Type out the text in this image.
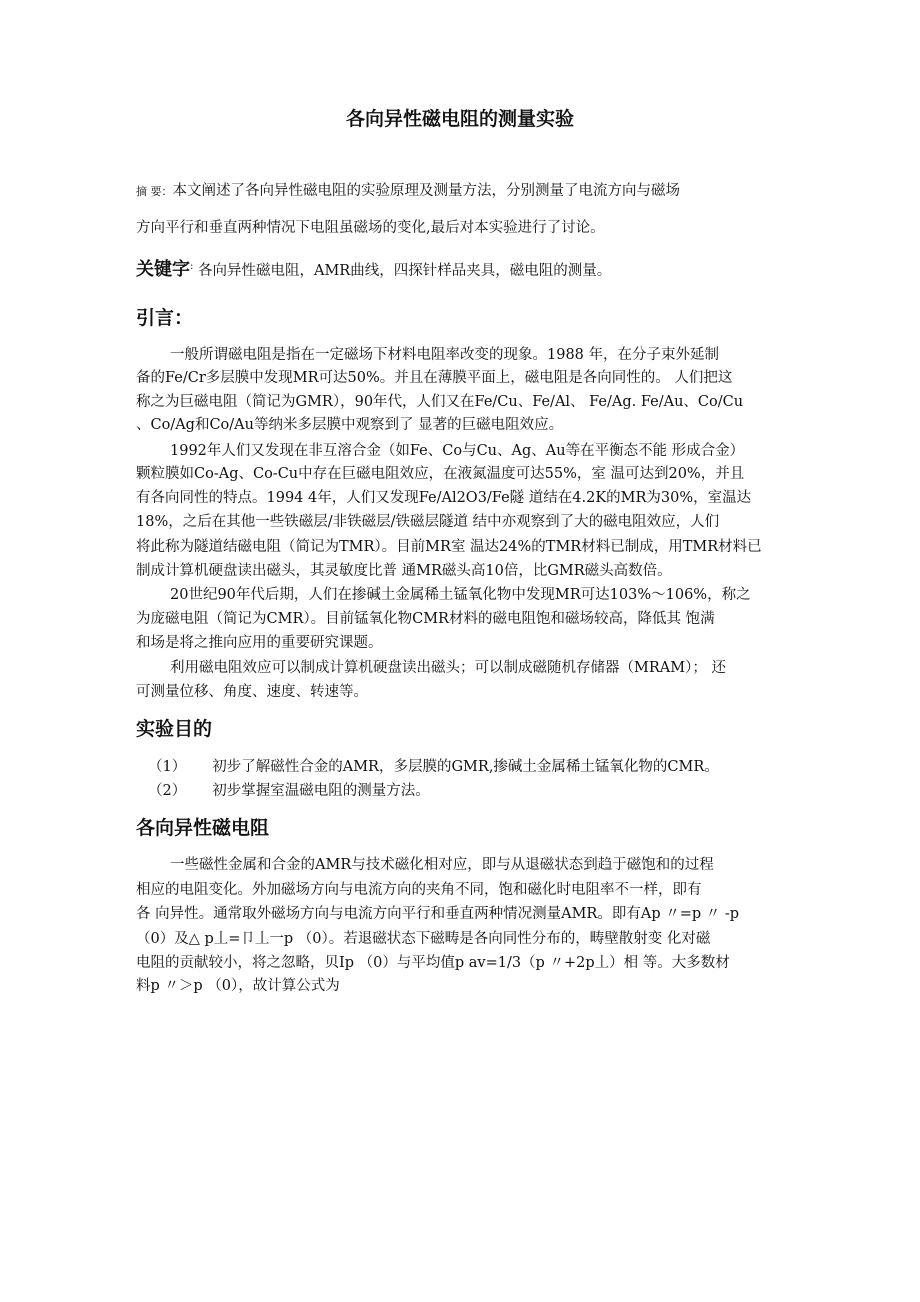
各向异性磁电阻的测量实验
摘 要：本文阐述了各向异性磁电阻的实验原理及测量方法，分别测量了电流方向与磁场
方向平行和垂直两种情况下电阻虽磁场的变化,最后对本实验进行了讨论。
关键字: 各向异性磁电阻，AMR曲线，四探针样品夹具，磁电阻的测量。
引言：
一般所谓磁电阻是指在一定磁场下材料电阻率改变的现象。1988 年，在分子束外延制
备的Fe/Cr多层膜中发现MR可达50%。并且在薄膜平面上，磁电阻是各向同性的。 人们把这
称之为巨磁电阻（简记为GMR），90年代，人们又在Fe/Cu、Fe/Al、 Fe/Ag. Fe/Au、Co/Cu
、Co/Ag和Co/Au等纳米多层膜中观察到了 显著的巨磁电阻效应。
1992年人们又发现在非互溶合金（如Fe、Co与Cu、Ag、Au等在平衡态不能 形成合金）
颗粒膜如Co-Ag、Co-Cu中存在巨磁电阻效应，在液氮温度可达55%，室 温可达到20%，并且
有各向同性的特点。1994 4年，人们又发现Fe/Al2O3/Fe隧 道结在4.2K的MR为30%，室温达
18%，之后在其他一些铁磁层/非铁磁层/铁磁层隧道 结中亦观察到了大的磁电阻效应，人们
将此称为隧道结磁电阻（简记为TMR）。目前MR室 温达24%的TMR材料已制成，用TMR材料已
制成计算机硬盘读出磁头，其灵敏度比普 通MR磁头高10倍，比GMR磁头高数倍。
20世纪90年代后期，人们在掺碱土金属稀土锰氧化物中发现MR可达103%〜106%，称之
为庞磁电阻（简记为CMR）。目前锰氧化物CMR材料的磁电阻饱和磁场较高，降低其 饱满
和场是将之推向应用的重要研究课题。
利用磁电阻效应可以制成计算机硬盘读出磁头；可以制成磁随机存储器（MRAM）； 还
可测量位移、角度、速度、转速等。
实验目的
（1） 初步了解磁性合金的AMR，多层膜的GMR,掺碱土金属稀土锰氧化物的CMR。
（2） 初步掌握室温磁电阻的测量方法。
各向异性磁电阻
一些磁性金属和合金的AMR与技术磁化相对应，即与从退磁状态到趋于磁饱和的过程
相应的电阻变化。外加磁场方向与电流方向的夹角不同，饱和磁化时电阻率不一样，即有
各 向异性。通常取外磁场方向与电流方向平行和垂直两种情况测量AMR。即有Ap 〃=p 〃 -p
（0）及△ p丄=卩丄一p （0）。若退磁状态下磁畴是各向同性分布的，畴壁散射变 化对磁
电阻的贡献较小，将之忽略，贝Ip （0）与平均值p av=1/3（p 〃+2p丄）相 等。大多数材
料p 〃＞p （0），故计算公式为
